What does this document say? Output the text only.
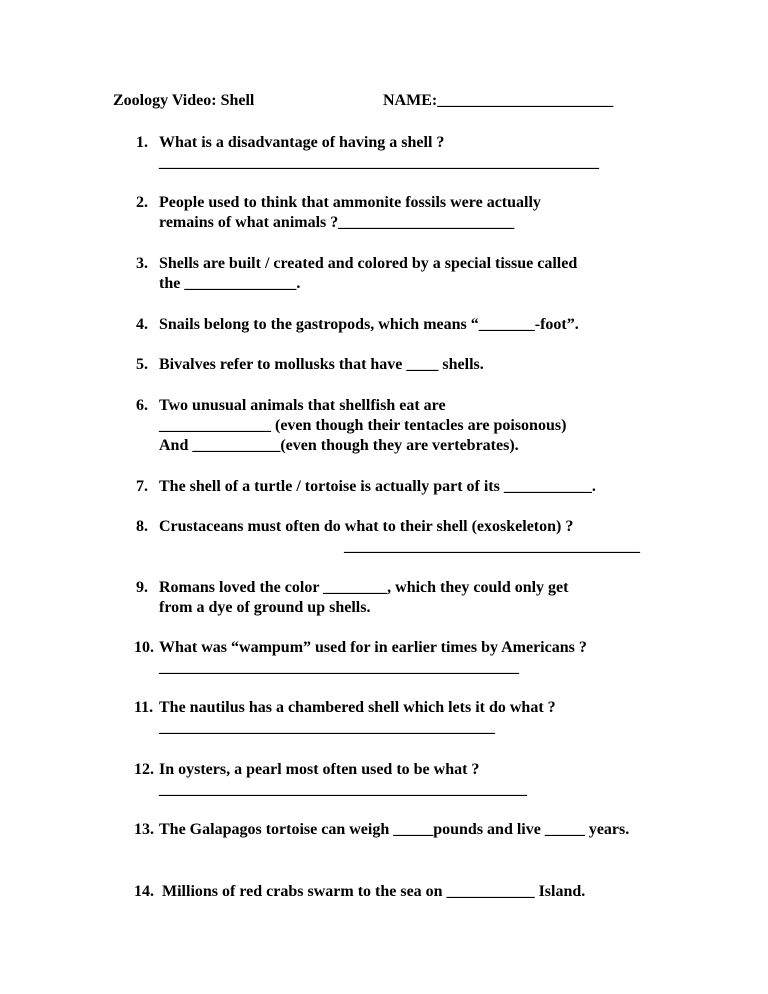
Zoology Video: Shell	NAME:______________________
1. What is a disadvantage of having a shell ?
_______________________________________________________
2. People used to think that ammonite fossils were actually
remains of what animals ?______________________
3. Shells are built / created and colored by a special tissue called
the ______________.
4. Snails belong to the gastropods, which means “_______-foot”.
5. Bivalves refer to mollusks that have ____ shells.
6. Two unusual animals that shellfish eat are
______________ (even though their tentacles are poisonous)
And ___________(even though they are vertebrates).
7. The shell of a turtle / tortoise is actually part of its ___________.
8. Crustaceans must often do what to their shell (exoskeleton) ?
_____________________________________
9. Romans loved the color ________, which they could only get
from a dye of ground up shells.
10. What was “wampum” used for in earlier times by Americans ?
_____________________________________________
11. The nautilus has a chambered shell which lets it do what ?
__________________________________________
12. In oysters, a pearl most often used to be what ?
______________________________________________
13. The Galapagos tortoise can weigh _____pounds and live _____ years.
14. Millions of red crabs swarm to the sea on ___________ Island.
